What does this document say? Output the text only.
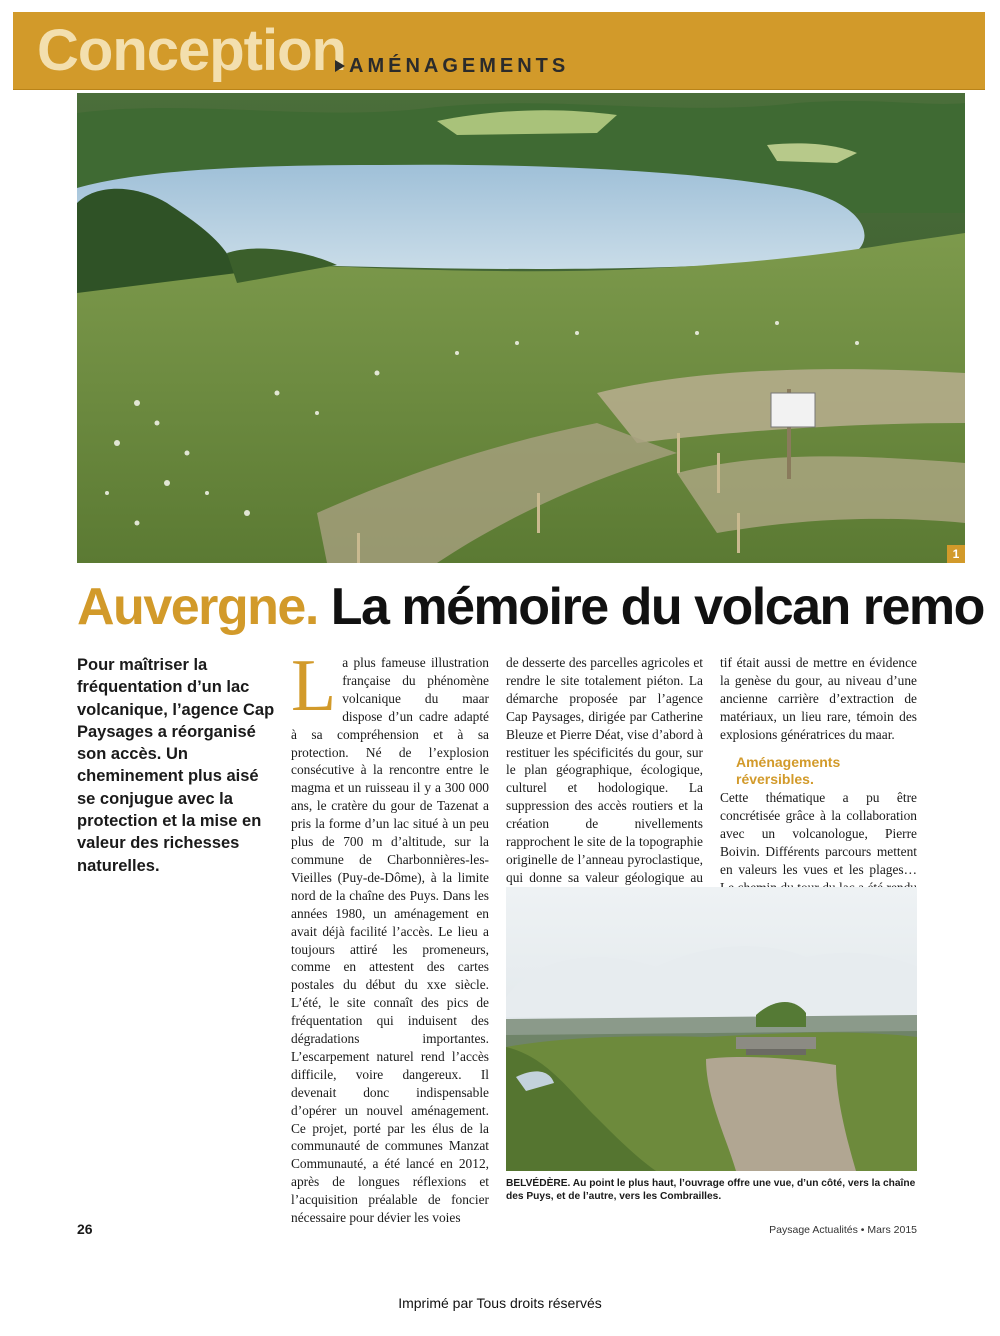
Conception AMÉNAGEMENTS
1
Auvergne. La mémoire du volcan remo
Pour maîtriser la fréquentation d’un lac volcanique, l’agence Cap Paysages a réorganisé son accès. Un cheminement plus aisé se conjugue avec la protection et la mise en valeur des richesses naturelles.

La plus fameuse illustration française du phénomène volcanique du maar dispose d’un cadre adapté à sa compréhension et à sa protection. Né de l’explosion consécutive à la rencontre entre le magma et un ruisseau il y a 300 000 ans, le cratère du gour de Tazenat a pris la forme d’un lac situé à un peu plus de 700 m d’altitude, sur la commune de Charbonnières-les-Vieilles (Puy-de-Dôme), à la limite nord de la chaîne des Puys. Dans les années 1980, un aménagement en avait déjà facilité l’accès. Le lieu a toujours attiré les promeneurs, comme en attestent des cartes postales du début du xxe siècle. L’été, le site connaît des pics de fréquentation qui induisent des dégradations importantes. L’escarpement naturel rend l’accès difficile, voire dangereux. Il devenait donc indispensable d’opérer un nouvel aménagement. Ce projet, porté par les élus de la communauté de communes Manzat Communauté, a été lancé en 2012, après de longues réflexions et l’acquisition préalable de foncier nécessaire pour dévier les voies

de desserte des parcelles agricoles et rendre le site totalement piéton. La démarche proposée par l’agence Cap Paysages, dirigée par Catherine Bleuze et Pierre Déat, vise d’abord à restituer les spécificités du gour, sur le plan géographique, écologique, culturel et hodologique. La suppression des accès routiers et la création de nivellements rapprochent le site de la topographie originelle de l’anneau pyroclastique, qui donne sa valeur géologique au

tif était aussi de mettre en évidence la genèse du gour, au niveau d’une ancienne carrière d’extraction de matériaux, un lieu rare, témoin des explosions génératrices du maar.

Aménagements réversibles.

Cette thématique a pu être concrétisée grâce à la collaboration avec un volcanologue, Pierre Boivin. Différents parcours mettent en valeurs les vues et les plages…

BELVÉDÈRE. Au point le plus haut, l’ouvrage offre une vue, d’un côté, vers la chaîne des Puys, et de l’autre, vers les Combrailles.
26	Paysage Actualités • Mars 2015
Imprimé par Tous droits réservés
